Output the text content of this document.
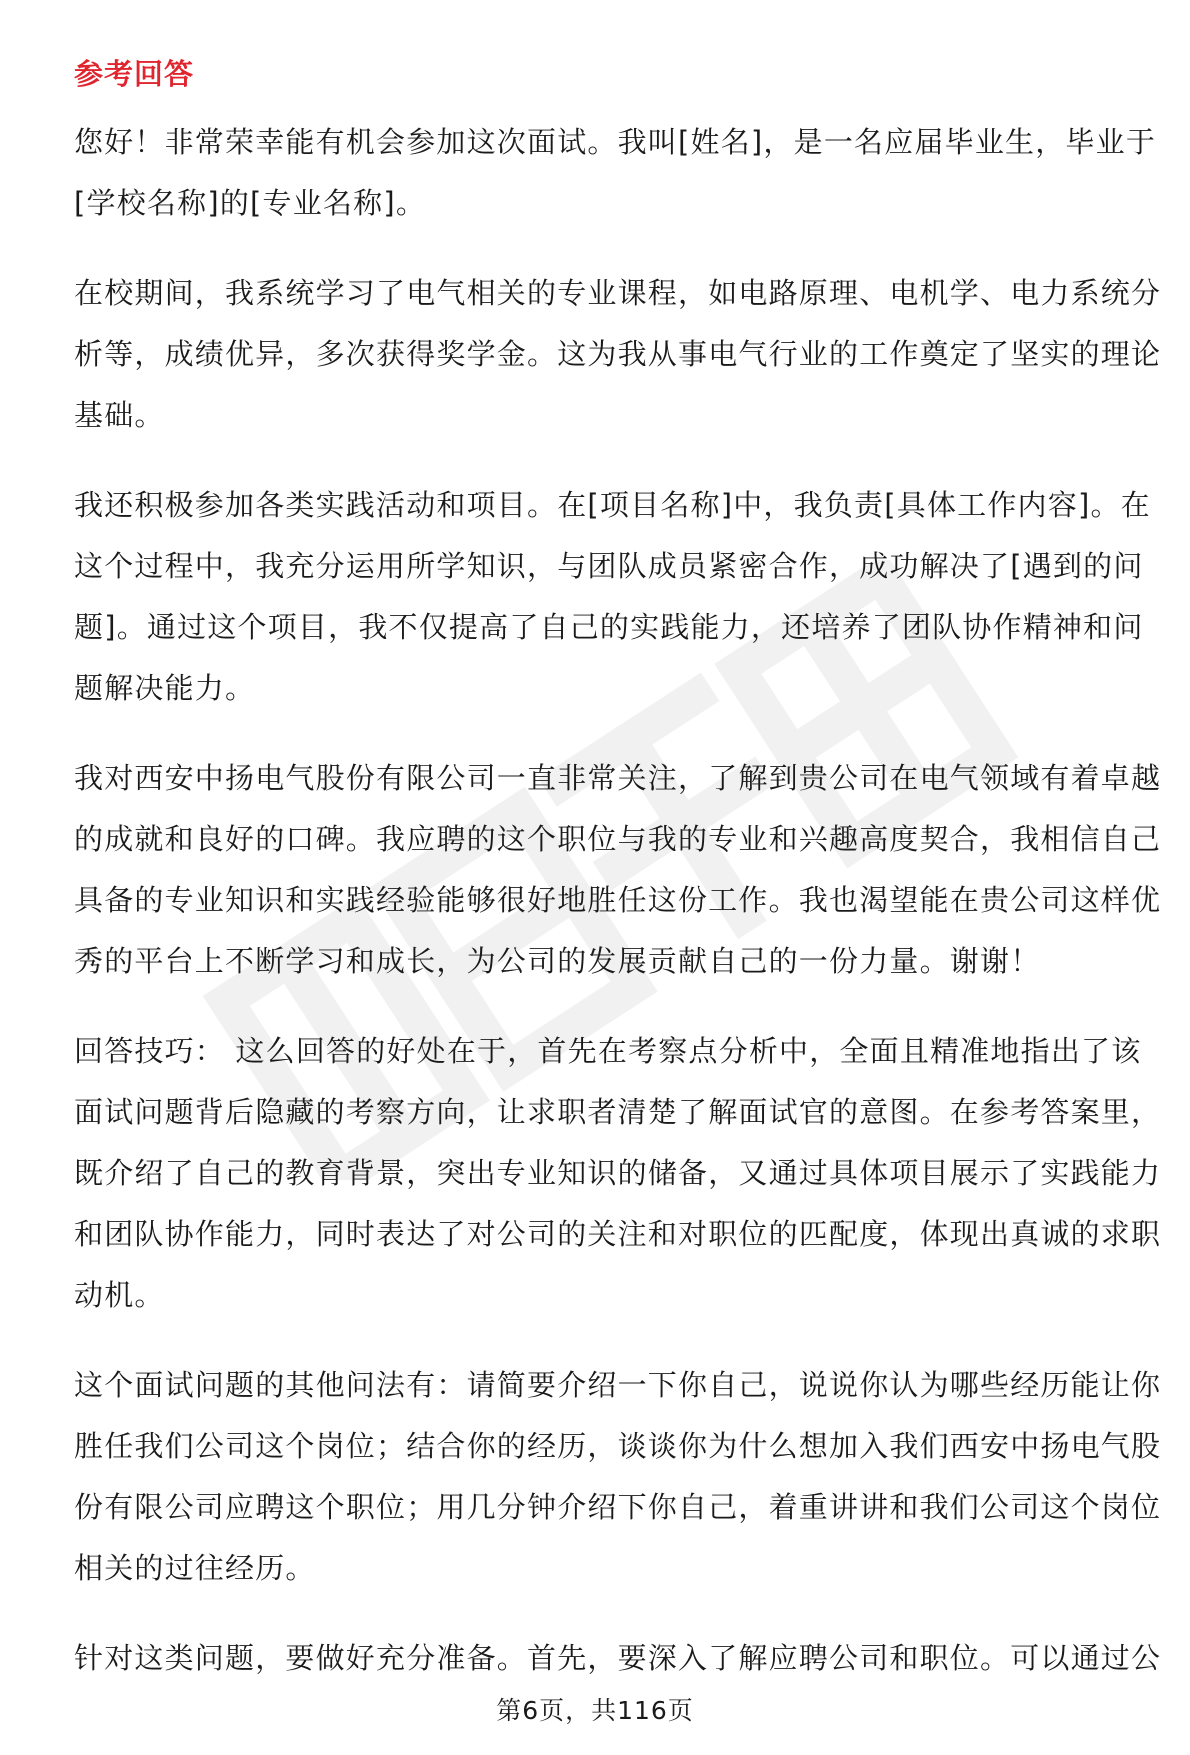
参考回答

您好！非常荣幸能有机会参加这次面试。我叫[姓名]，是一名应届毕业生，毕业于[学校名称]的[专业名称]。

在校期间，我系统学习了电气相关的专业课程，如电路原理、电机学、电力系统分析等，成绩优异，多次获得奖学金。这为我从事电气行业的工作奠定了坚实的理论基础。

我还积极参加各类实践活动和项目。在[项目名称]中，我负责[具体工作内容]。在这个过程中，我充分运用所学知识，与团队成员紧密合作，成功解决了[遇到的问题]。通过这个项目，我不仅提高了自己的实践能力，还培养了团队协作精神和问题解决能力。

我对西安中扬电气股份有限公司一直非常关注，了解到贵公司在电气领域有着卓越的成就和良好的口碑。我应聘的这个职位与我的专业和兴趣高度契合，我相信自己具备的专业知识和实践经验能够很好地胜任这份工作。我也渴望能在贵公司这样优秀的平台上不断学习和成长，为公司的发展贡献自己的一份力量。谢谢！

回答技巧： 这么回答的好处在于，首先在考察点分析中，全面且精准地指出了该面试问题背后隐藏的考察方向，让求职者清楚了解面试官的意图。在参考答案里，既介绍了自己的教育背景，突出专业知识的储备，又通过具体项目展示了实践能力和团队协作能力，同时表达了对公司的关注和对职位的匹配度，体现出真诚的求职动机。

这个面试问题的其他问法有：请简要介绍一下你自己，说说你认为哪些经历能让你胜任我们公司这个岗位；结合你的经历，谈谈你为什么想加入我们西安中扬电气股份有限公司应聘这个职位；用几分钟介绍下你自己，着重讲讲和我们公司这个岗位相关的过往经历。

针对这类问题，要做好充分准备。首先，要深入了解应聘公司和职位。可以通过公

第6页，共116页
